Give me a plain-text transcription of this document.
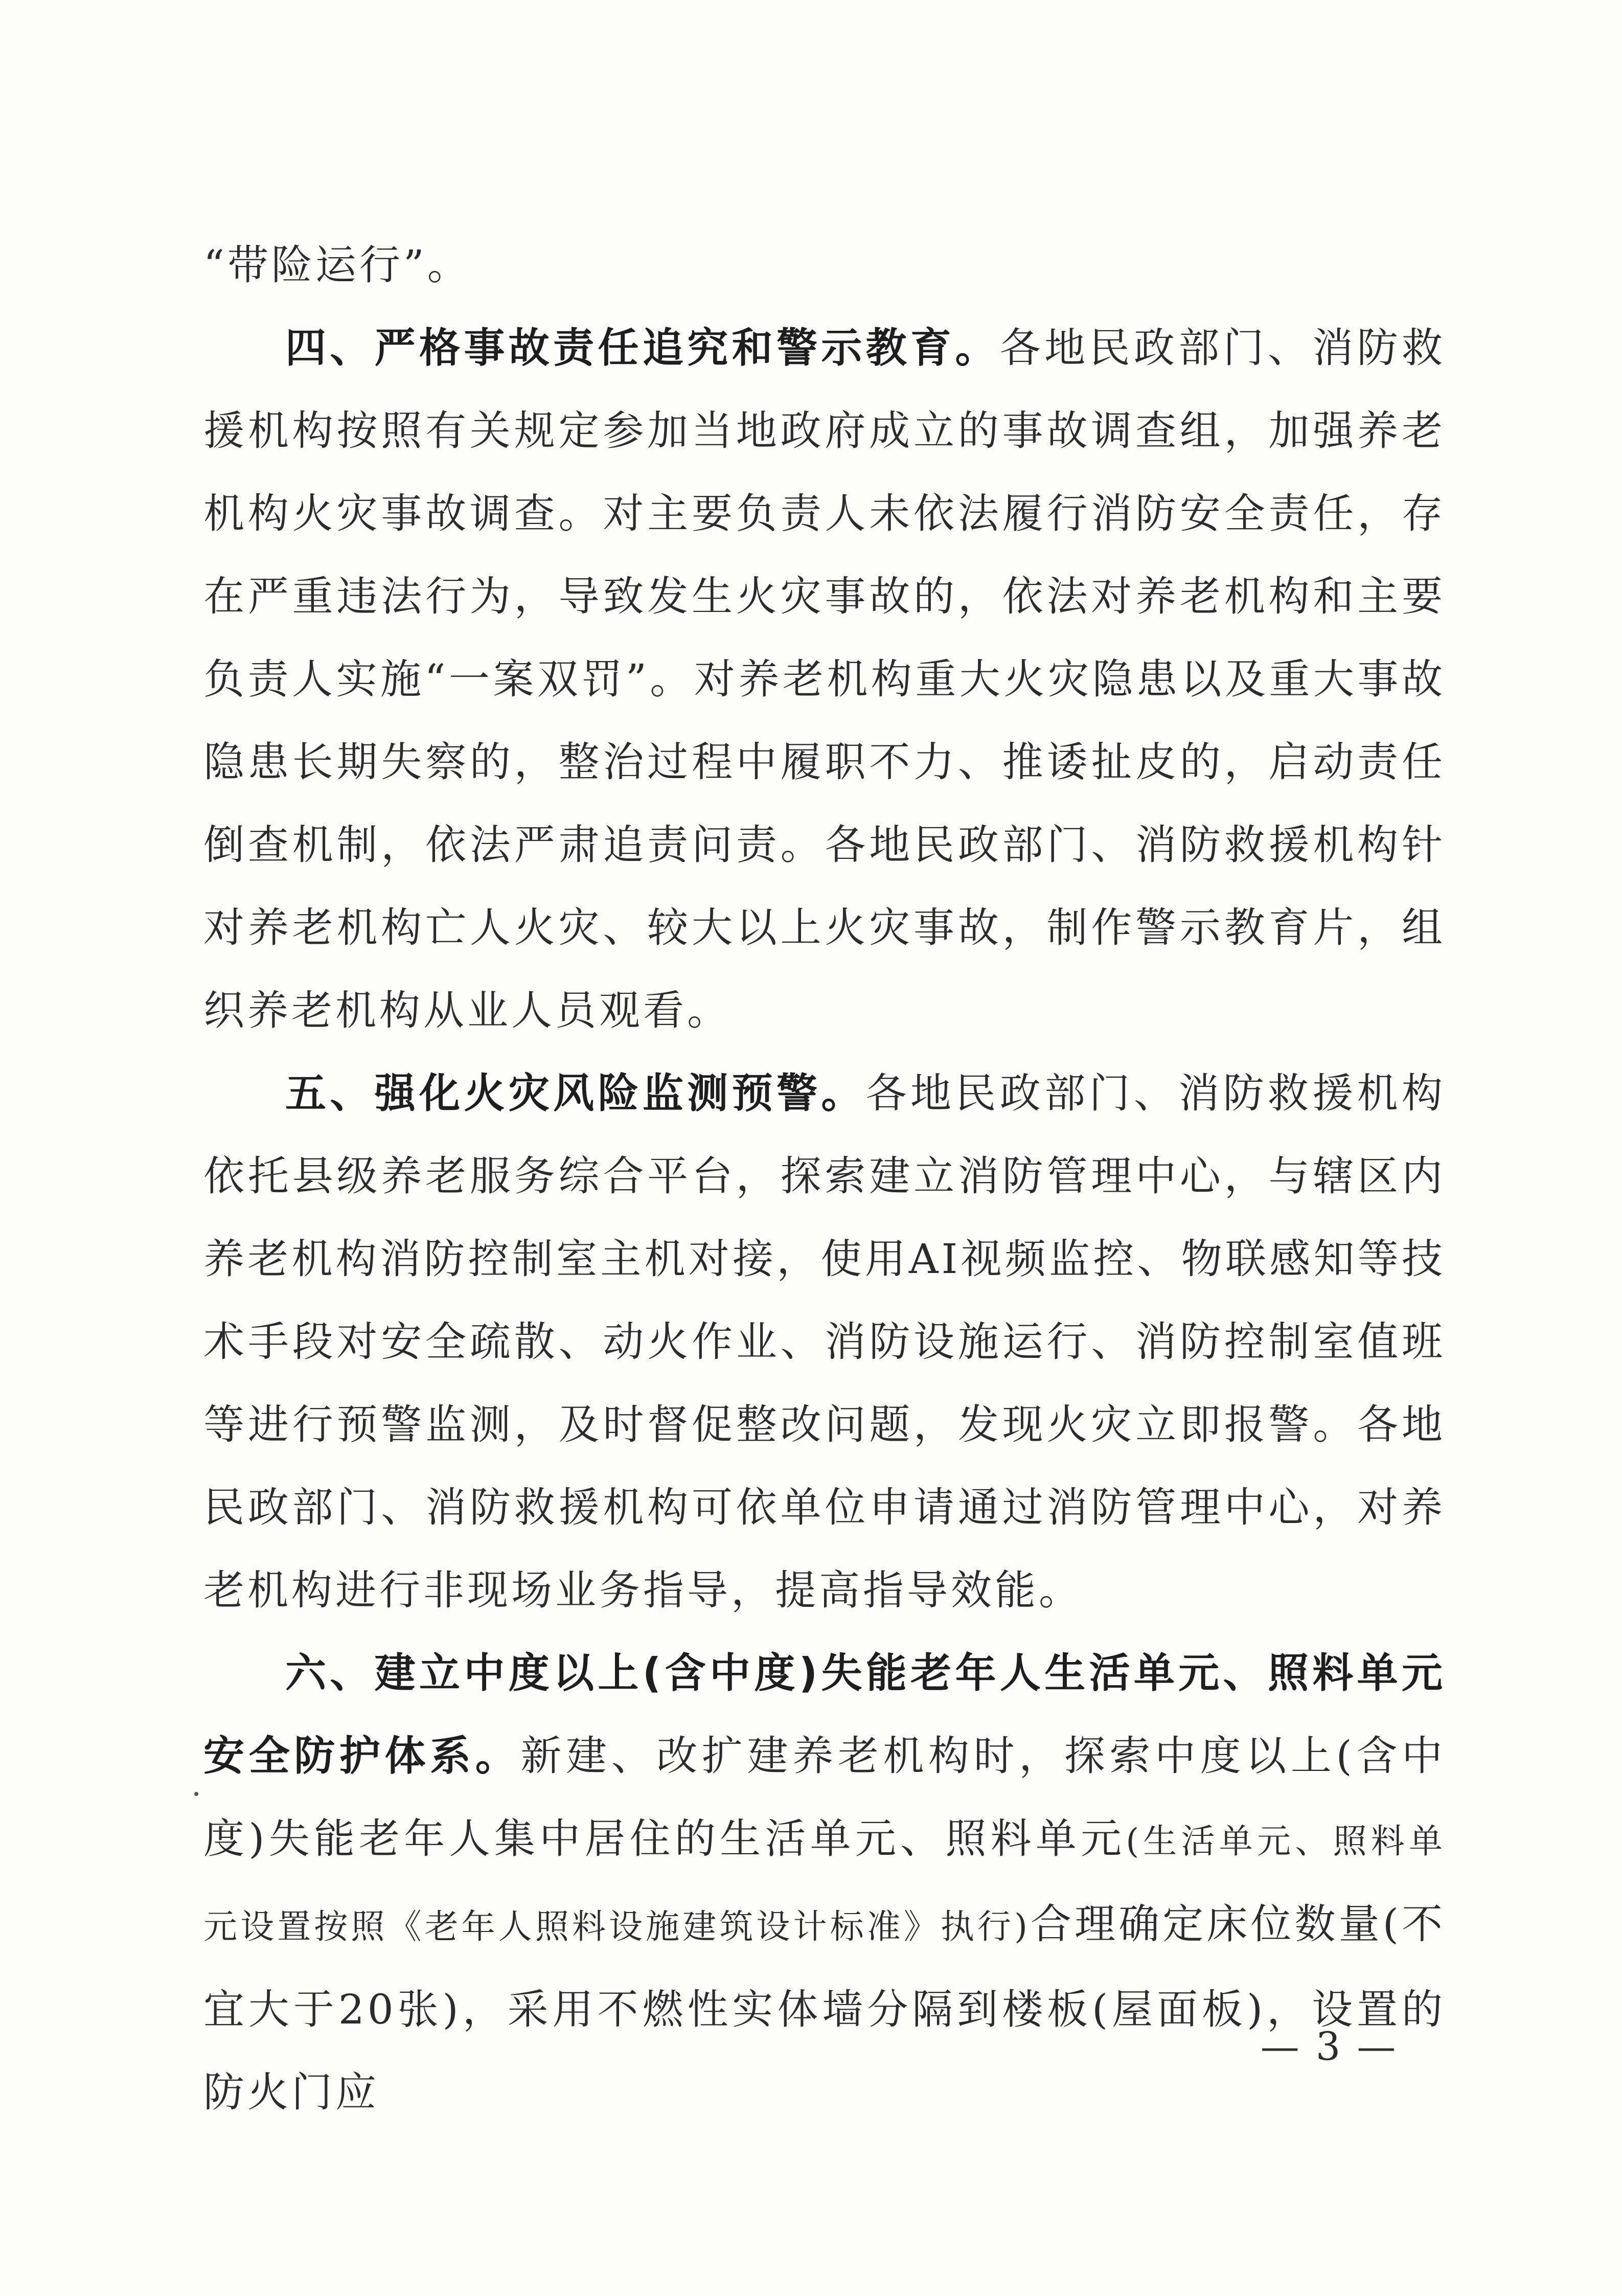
“带险运行”。

四、严格事故责任追究和警示教育。各地民政部门、消防救援机构按照有关规定参加当地政府成立的事故调查组，加强养老机构火灾事故调查。对主要负责人未依法履行消防安全责任，存在严重违法行为，导致发生火灾事故的，依法对养老机构和主要负责人实施“一案双罚”。对养老机构重大火灾隐患以及重大事故隐患长期失察的，整治过程中履职不力、推诿扯皮的，启动责任倒查机制，依法严肃追责问责。各地民政部门、消防救援机构针对养老机构亡人火灾、较大以上火灾事故，制作警示教育片，组织养老机构从业人员观看。

五、强化火灾风险监测预警。各地民政部门、消防救援机构依托县级养老服务综合平台，探索建立消防管理中心，与辖区内养老机构消防控制室主机对接，使用AI视频监控、物联感知等技术手段对安全疏散、动火作业、消防设施运行、消防控制室值班等进行预警监测，及时督促整改问题，发现火灾立即报警。各地民政部门、消防救援机构可依单位申请通过消防管理中心，对养老机构进行非现场业务指导，提高指导效能。

六、建立中度以上(含中度)失能老年人生活单元、照料单元安全防护体系。新建、改扩建养老机构时，探索中度以上(含中度)失能老年人集中居住的生活单元、照料单元(生活单元、照料单元设置按照《老年人照料设施建筑设计标准》执行)合理确定床位数量(不宜大于20张)，采用不燃性实体墙分隔到楼板(屋面板)，设置的防火门应

— 3 —
